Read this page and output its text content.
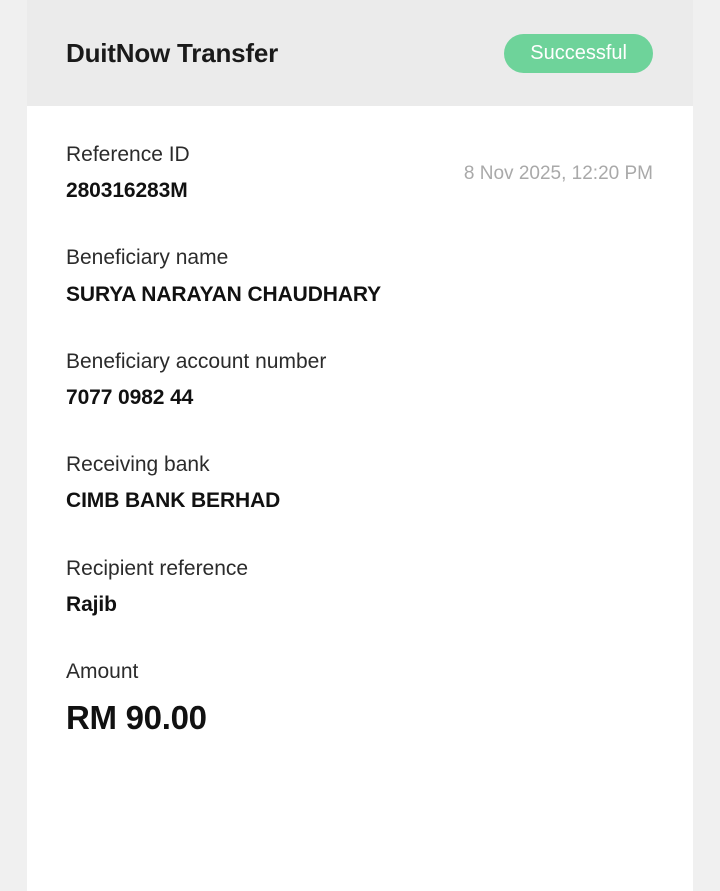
DuitNow Transfer	Successful
8 Nov 2025, 12:20 PM
Reference ID
280316283M
Beneficiary name
SURYA NARAYAN CHAUDHARY
Beneficiary account number
7077 0982 44
Receiving bank
CIMB BANK BERHAD
Recipient reference
Rajib
Amount
RM 90.00
